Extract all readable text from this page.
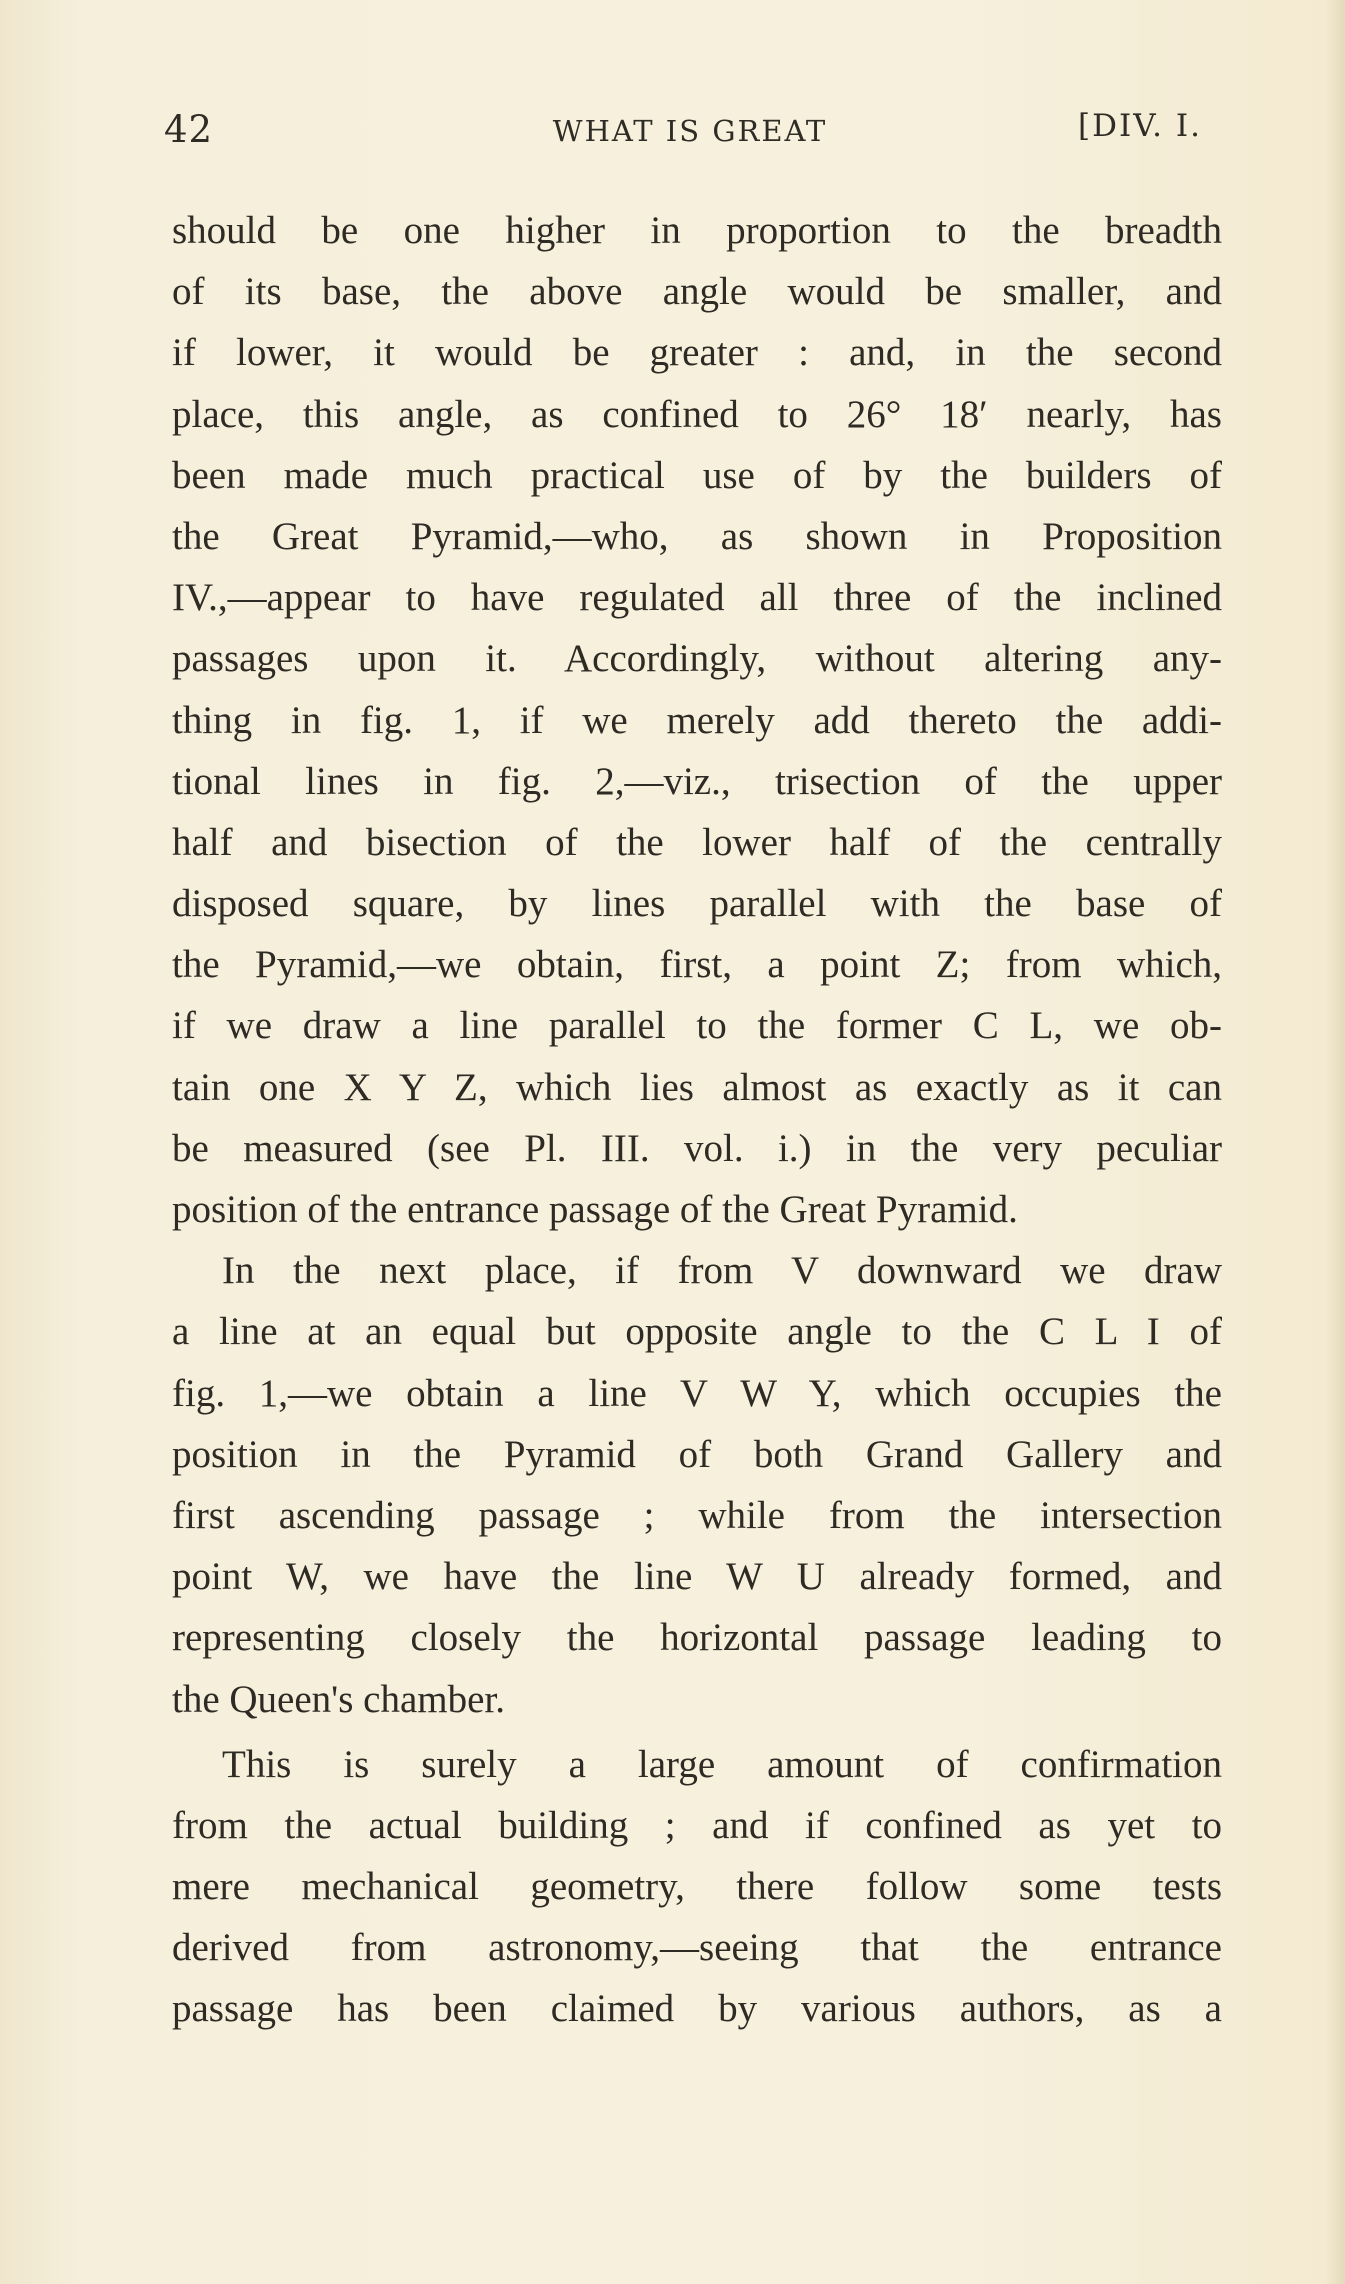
42	WHAT IS GREAT	[DIV. I.
should be one higher in proportion to the breadth
of its base, the above angle would be smaller, and
if lower, it would be greater : and, in the second
place, this angle, as confined to 26° 18′ nearly, has
been made much practical use of by the builders of
the Great Pyramid,—who, as shown in Proposition
IV.,—appear to have regulated all three of the inclined
passages upon it. Accordingly, without altering any-
thing in fig. 1, if we merely add thereto the addi-
tional lines in fig. 2,—viz., trisection of the upper
half and bisection of the lower half of the centrally
disposed square, by lines parallel with the base of
the Pyramid,—we obtain, first, a point Z; from which,
if we draw a line parallel to the former C L, we ob-
tain one X Y Z, which lies almost as exactly as it can
be measured (see Pl. III. vol. i.) in the very peculiar
position of the entrance passage of the Great Pyramid.
In the next place, if from V downward we draw
a line at an equal but opposite angle to the C L I of
fig. 1,—we obtain a line V W Y, which occupies the
position in the Pyramid of both Grand Gallery and
first ascending passage ; while from the intersection
point W, we have the line W U already formed, and
representing closely the horizontal passage leading to
the Queen's chamber.
This is surely a large amount of confirmation
from the actual building ; and if confined as yet to
mere mechanical geometry, there follow some tests
derived from astronomy,—seeing that the entrance
passage has been claimed by various authors, as a
